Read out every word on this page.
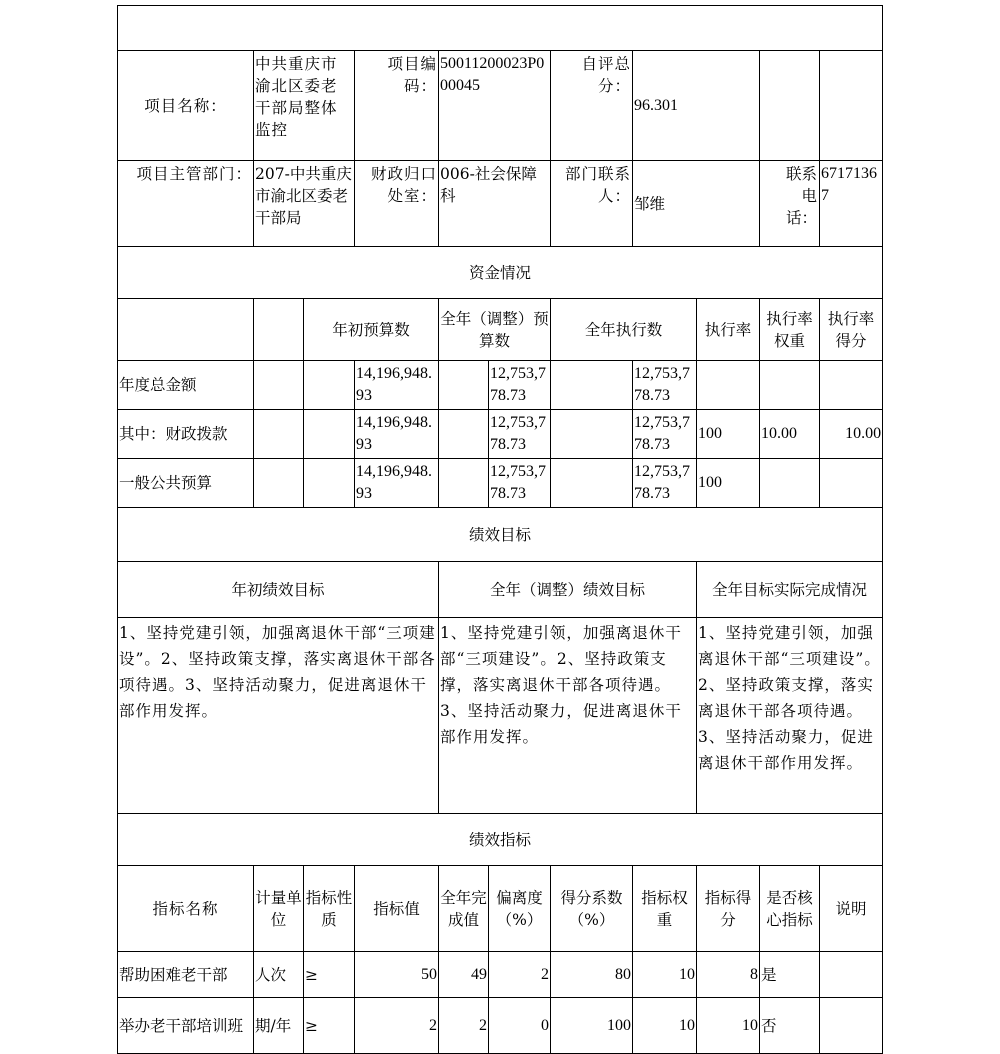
项目名称：	中共重庆市渝北区委老干部局整体监控		项目编码：	50011200023P000045		自评总分：	96.301			
项目主管部门：	207-中共重庆市渝北区委老干部局		财政归口处室：	006-社会保障科		部门联系人：	邹维		联系电话：	67171367
资金情况										
		年初预算数		全年（调整）预算数		全年执行数		执行率	执行率权重	执行率得分
年度总金额			14,196,948.93		12,753,778.73		12,753,778.73			
其中：财政拨款			14,196,948.93		12,753,778.73		12,753,778.73	100	10.00	10.00
一般公共预算			14,196,948.93		12,753,778.73		12,753,778.73	100		
绩效目标										
年初绩效目标				全年（调整）绩效目标				全年目标实际完成情况		
1、坚持党建引领，加强离退休干部“三项建设”。2、坚持政策支撑，落实离退休干部各项待遇。3、坚持活动聚力，促进离退休干部作用发挥。				1、坚持党建引领，加强离退休干部“三项建设”。2、坚持政策支撑，落实离退休干部各项待遇。3、坚持活动聚力，促进离退休干部作用发挥。				1、坚持党建引领，加强离退休干部“三项建设”。2、坚持政策支撑，落实离退休干部各项待遇。3、坚持活动聚力，促进离退休干部作用发挥。		
绩效指标										
指标名称	计量单位	指标性质	指标值	全年完成值	偏离度（%）	得分系数（%）	指标权重	指标得分	是否核心指标	说明
帮助困难老干部	人次	≥	50	49	2	80	10	8	是	
举办老干部培训班	期/年	≥	2	2	0	100	10	10	否	
